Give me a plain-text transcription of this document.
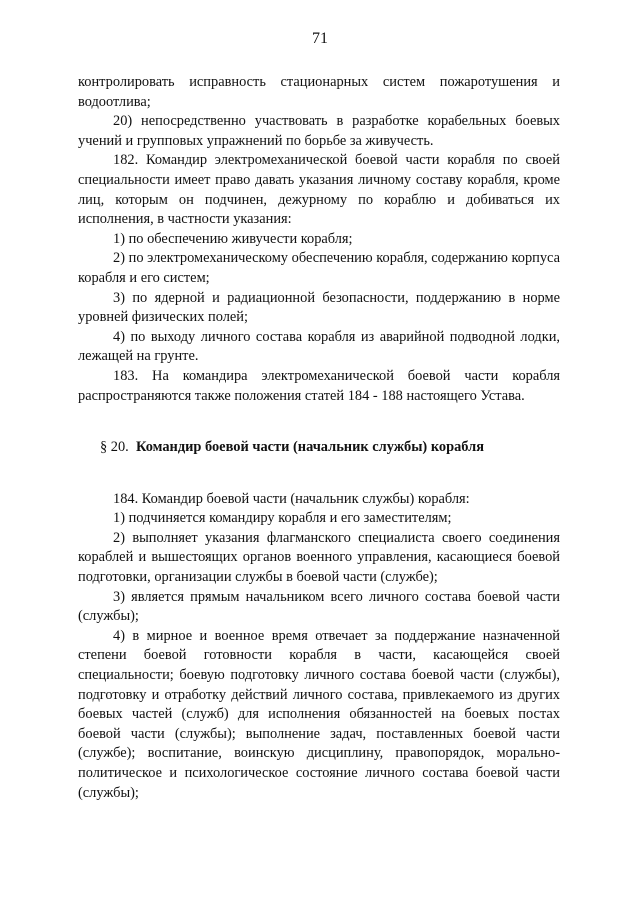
71

контролировать исправность стационарных систем пожаротушения и водоотлива;

20) непосредственно участвовать в разработке корабельных боевых учений и групповых упражнений по борьбе за живучесть.

182. Командир электромеханической боевой части корабля по своей специальности имеет право давать указания личному составу корабля, кроме лиц, которым он подчинен, дежурному по кораблю и добиваться их исполнения, в частности указания:

1) по обеспечению живучести корабля;

2) по электромеханическому обеспечению корабля, содержанию корпуса корабля и его систем;

3) по ядерной и радиационной безопасности, поддержанию в норме уровней физических полей;

4) по выходу личного состава корабля из аварийной подводной лодки, лежащей на грунте.

183. На командира электромеханической боевой части корабля распространяются также положения статей 184 - 188 настоящего Устава.

§ 20. Командир боевой части (начальник службы) корабля

184. Командир боевой части (начальник службы) корабля:

1) подчиняется командиру корабля и его заместителям;

2) выполняет указания флагманского специалиста своего соединения кораблей и вышестоящих органов военного управления, касающиеся боевой подготовки, организации службы в боевой части (службе);

3) является прямым начальником всего личного состава боевой части (службы);

4) в мирное и военное время отвечает за поддержание назначенной степени боевой готовности корабля в части, касающейся своей специальности; боевую подготовку личного состава боевой части (службы), подготовку и отработку действий личного состава, привлекаемого из других боевых частей (служб) для исполнения обязанностей на боевых постах боевой части (службы); выполнение задач, поставленных боевой части (службе); воспитание, воинскую дисциплину, правопорядок, морально-политическое и психологическое состояние личного состава боевой части (службы);
